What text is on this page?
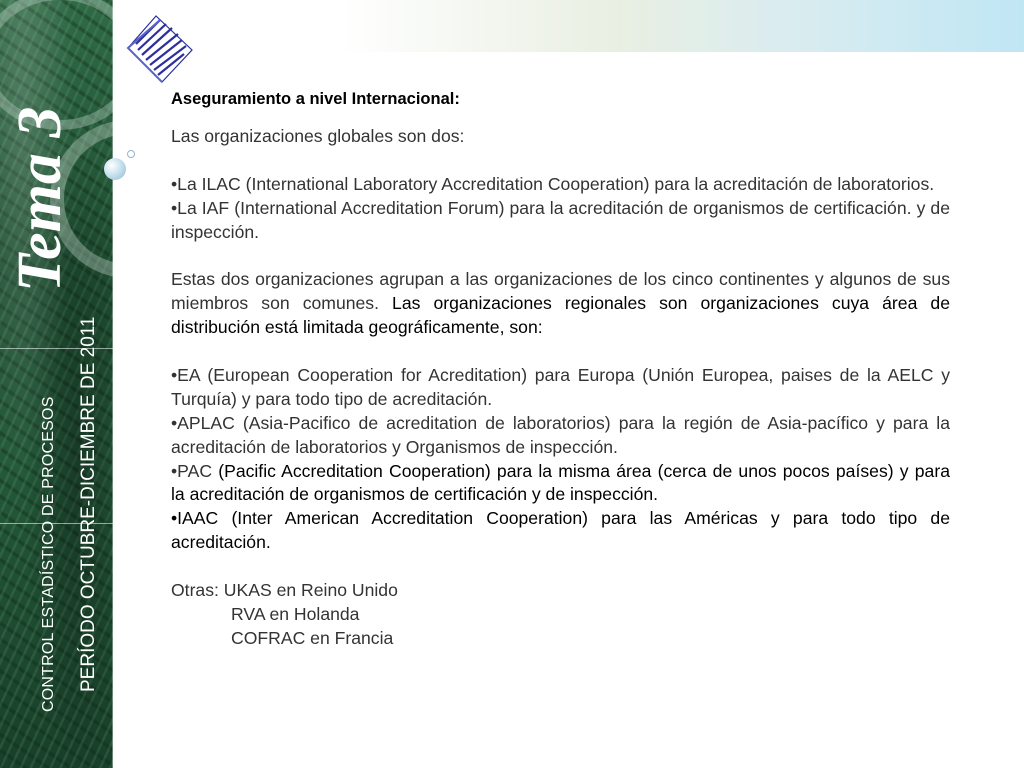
Tema 3
CONTROL ESTADÍSTICO DE PROCESOS PERÍODO OCTUBRE-DICIEMBRE DE 2011
Aseguramiento a nivel Internacional:

Las organizaciones globales son dos:

•La ILAC (International Laboratory Accreditation Cooperation) para la acreditación de laboratorios.

•La IAF (International Accreditation Forum) para la acreditación de organismos de certificación. y de inspección.

Estas dos organizaciones agrupan a las organizaciones de los cinco continentes y algunos de sus miembros son comunes. Las organizaciones regionales son organizaciones cuya área de distribución está limitada geográficamente, son:

•EA (European Cooperation for Acreditation) para Europa (Unión Europea, paises de la AELC y Turquía) y para todo tipo de acreditación.

•APLAC (Asia-Pacifico de acreditation de laboratorios) para la región de Asia-pacífico y para la acreditación de laboratorios y Organismos de inspección.

•PAC (Pacific Accreditation Cooperation) para la misma área (cerca de unos pocos países) y para la acreditación de organismos de certificación y de inspección.

•IAAC (Inter American Accreditation Cooperation) para las Américas y para todo tipo de acreditación.

Otras: UKAS en Reino Unido

RVA en Holanda

COFRAC en Francia
